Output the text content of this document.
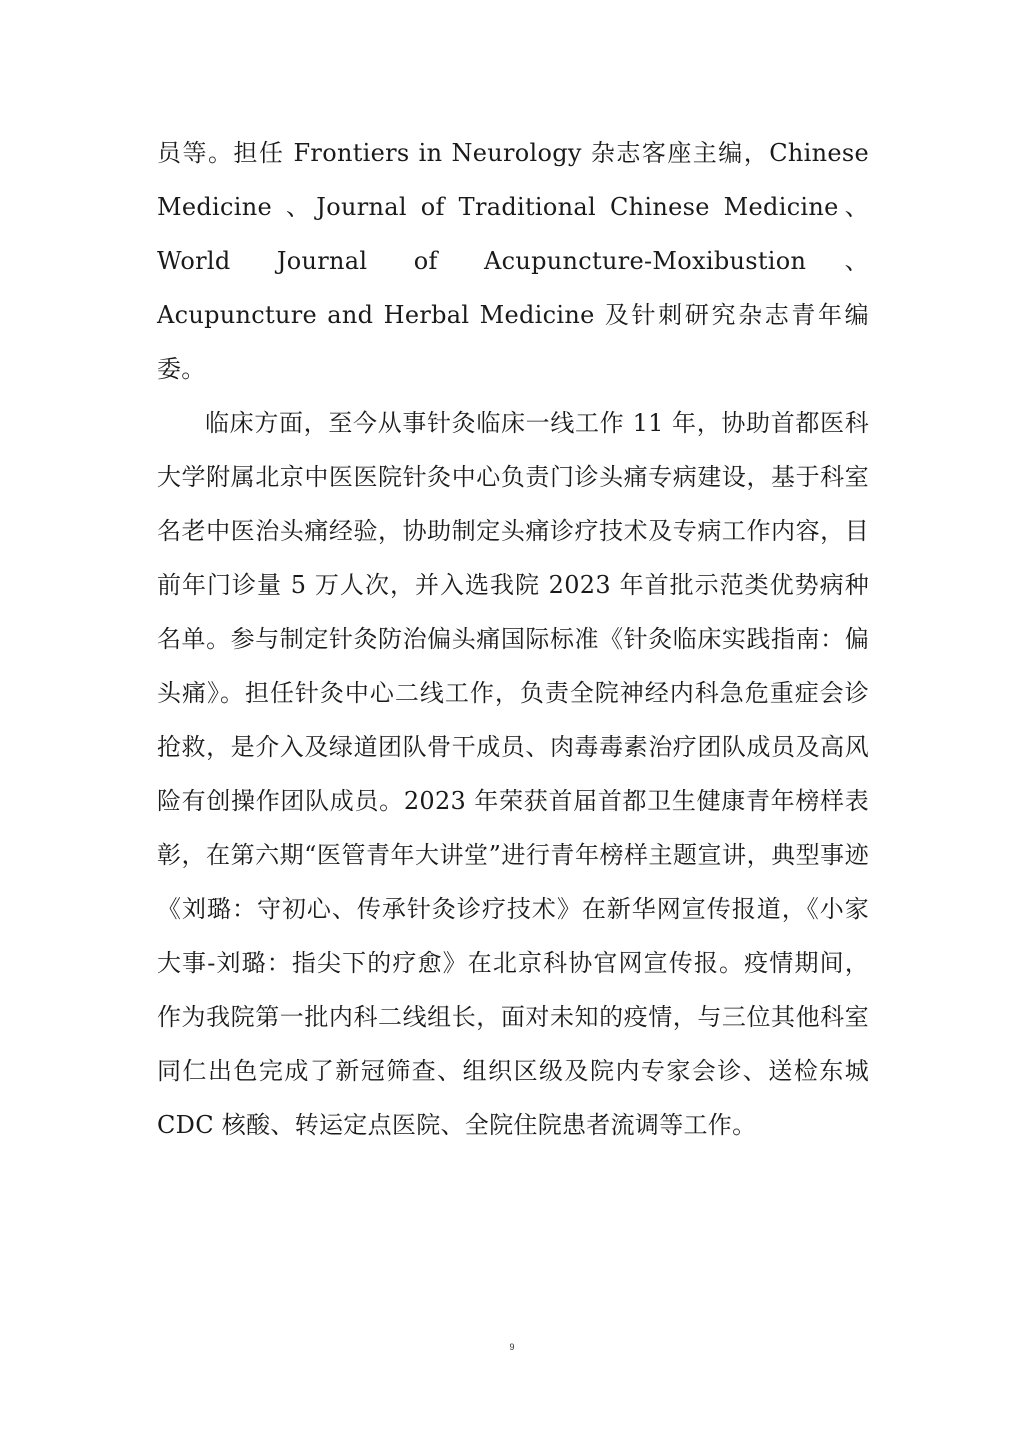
员等。担任 Frontiers in Neurology 杂志客座主编，Chinese Medicine 、Journal of Traditional Chinese Medicine、World Journal of Acupuncture-Moxibustion、Acupuncture and Herbal Medicine 及针刺研究杂志青年编委。

临床方面，至今从事针灸临床一线工作 11 年，协助首都医科大学附属北京中医医院针灸中心负责门诊头痛专病建设，基于科室名老中医治头痛经验，协助制定头痛诊疗技术及专病工作内容，目前年门诊量 5 万人次，并入选我院 2023 年首批示范类优势病种名单。参与制定针灸防治偏头痛国际标准《针灸临床实践指南：偏头痛》。担任针灸中心二线工作，负责全院神经内科急危重症会诊抢救，是介入及绿道团队骨干成员、肉毒毒素治疗团队成员及高风险有创操作团队成员。2023 年荣获首届首都卫生健康青年榜样表彰，在第六期“医管青年大讲堂”进行青年榜样主题宣讲，典型事迹《刘璐：守初心、传承针灸诊疗技术》在新华网宣传报道，《小家大事-刘璐：指尖下的疗愈》在北京科协官网宣传报。疫情期间，作为我院第一批内科二线组长，面对未知的疫情，与三位其他科室同仁出色完成了新冠筛查、组织区级及院内专家会诊、送检东城 CDC 核酸、转运定点医院、全院住院患者流调等工作。

9
